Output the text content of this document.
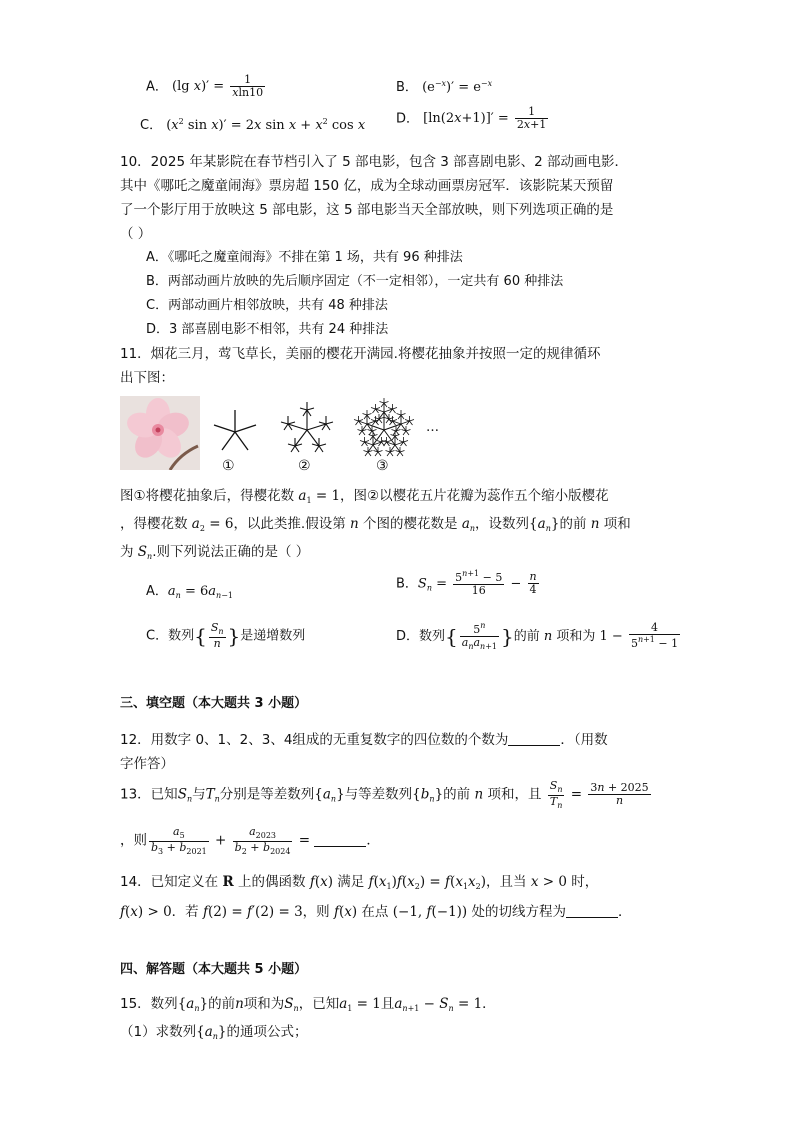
A． (lg $x)' = \frac{1}{xln10}$	B． $(e^{-x})' = e^{-x}$
C． ($x^2$ sin x)′ = 2x $\sin x + x^2$ cos x D． $[\ln(2x+1)]' = \frac{1}{2x+1}$
10．2025 年某影院在春节档引入了 5 部电影，包含 3 部喜剧电影、2 部动画电影．
其中《哪吒之魔童闹海》票房超 150 亿，成为全球动画票房冠军．该影院某天预留
了一个影厅用于放映这 5 部电影，这 5 部电影当天全部放映，则下列选项正确的是
（ ）
A．《哪吒之魔童闹海》不排在第 1 场，共有 96 种排法
B．两部动画片放映的先后顺序固定（不一定相邻），一定共有 60 种排法
C．两部动画片相邻放映，共有 48 种排法
D．3 部喜剧电影不相邻，共有 24 种排法
11．烟花三月，莺飞草长，美丽的樱花开满园.将樱花抽象并按照一定的规律循环
出下图：
①	②	③
…
图①将樱花抽象后，得樱花数 $a_1 = 1$，图②以樱花五片花瓣为蕊作五个缩小版樱花
，得樱花数 $a_2 = 6$，以此类推.假设第 n 个图的樱花数是 $a_n$，设数列$\{a_n\}$的前 n 项和
为 $S_n$.则下列说法正确的是（ ）
A．$a_n = 6a_{n-1}$
B．$S_n = \frac{5^{n+1} - 5}{16} - \frac{n}{4}$
C．数列{ $\frac{S_n}{n}$ }是递增数列	D．数列{ $\frac{5^n}{a_na_{n+1}}$ }的前 n 项和为 $1 - \frac{4}{5^{n+1} - 1}$
三、填空题（本大题共 3 小题）
12．用数字 0、1、2、3、4组成的无重复数字的四位数的个数为	．（用数
字作答）
13．已知$S_n$与$T_n$分别是等差数列$\{a_n\}$与等差数列$\{b_n\}$的前 n 项和，且 $\frac{S_n}{T_n} = \frac{3n + 2025}{n}$
，则 $\frac{a_5}{b_3 + b_{2021}} + \frac{a_{2023}}{b_2 + b_{2024}}$ =	．
14．已知定义在 R 上的偶函数 f(x) 满足 $f(x_1)f(x_2) = f(x_1x_2)$，且当 x > 0 时，
f(x) > 0．若 f(2) = f′(2) = 3，则 f(x) 在点 (−1, f(−1)) 处的切线方程为	．
四、解答题（本大题共 5 小题）
15．数列$\{a_n\}$的前n项和为$S_n$，已知$a_1 = 1$且$a_{n+1} - S_n = 1$．
（1）求数列$\{a_n\}$的通项公式；
